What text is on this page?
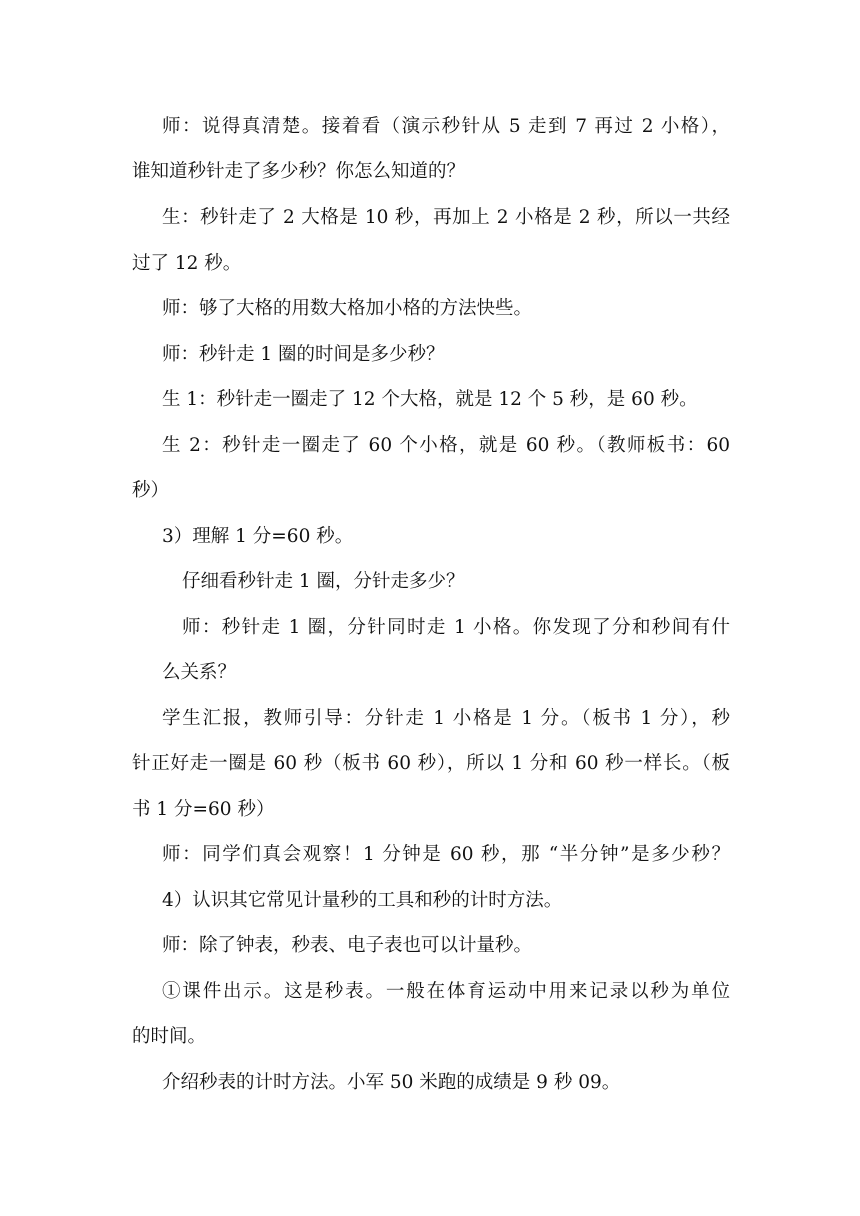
师：说得真清楚。接着看（演示秒针从 5 走到 7 再过 2 小格），
谁知道秒针走了多少秒？你怎么知道的？
生：秒针走了 2 大格是 10 秒，再加上 2 小格是 2 秒，所以一共经
过了 12 秒。
师：够了大格的用数大格加小格的方法快些。
师：秒针走 1 圈的时间是多少秒？
生 1：秒针走一圈走了 12 个大格，就是 12 个 5 秒，是 60 秒。
生 2：秒针走一圈走了 60 个小格，就是 60 秒。（教师板书：60
秒）
3）理解 1 分=60 秒。
仔细看秒针走 1 圈，分针走多少？
师：秒针走 1 圈，分针同时走 1 小格。你发现了分和秒间有什
么关系？
学生汇报，教师引导：分针走 1 小格是 1 分。（板书 1 分），秒
针正好走一圈是 60 秒（板书 60 秒），所以 1 分和 60 秒一样长。（板
书 1 分=60 秒）
师：同学们真会观察！1 分钟是 60 秒，那 “半分钟”是多少秒？
4）认识其它常见计量秒的工具和秒的计时方法。
师：除了钟表，秒表、电子表也可以计量秒。
①课件出示。这是秒表。一般在体育运动中用来记录以秒为单位
的时间。
介绍秒表的计时方法。小军 50 米跑的成绩是 9 秒 09。
